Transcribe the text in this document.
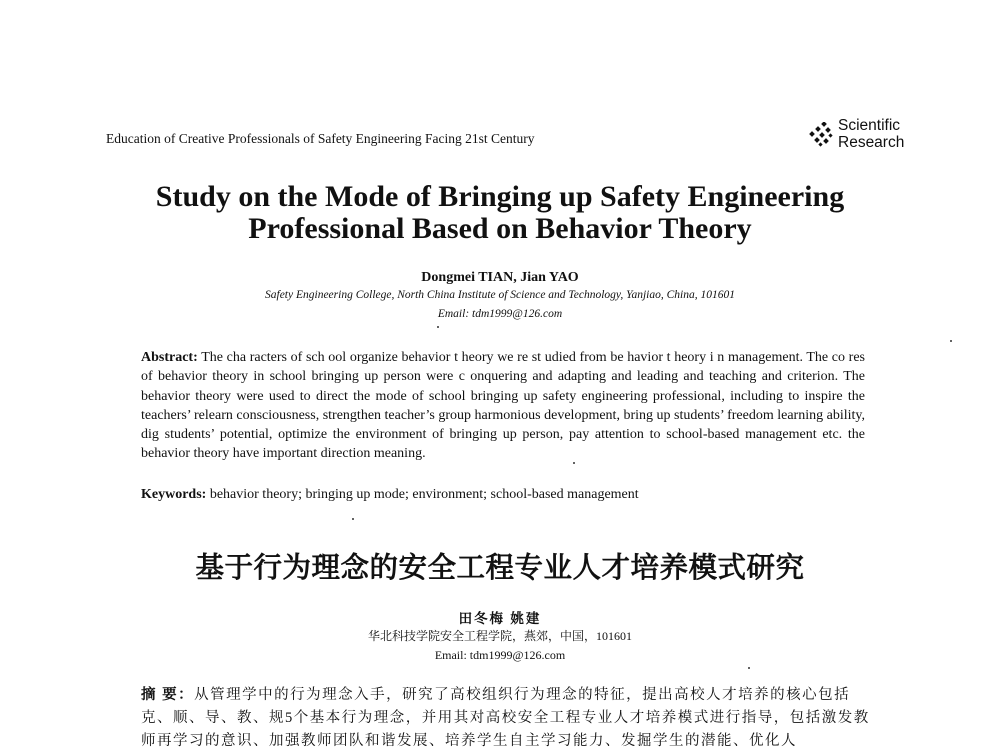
Education of Creative Professionals of Safety Engineering Facing 21st Century
Scientific
Research
Study on the Mode of Bringing up Safety Engineering
Professional Based on Behavior Theory
Dongmei TIAN, Jian YAO
Safety Engineering College, North China Institute of Science and Technology, Yanjiao, China, 101601
Email: tdm1999@126.com
Abstract: The cha racters of sch ool organize behavior t heory we re st udied from be havior t heory i n management. The co res of behavior theory in school bringing up person were c onquering and adapting and leading and teaching and criterion. The behavior theory were used to direct the mode of school bringing up safety engineering professional, including to inspire the teachers’ relearn consciousness, strengthen teacher’s group harmonious development, bring up students’ freedom learning ability, dig students’ potential, optimize the environment of bringing up person, pay attention to school-based management etc. the behavior theory have important direction meaning.
Keywords: behavior theory; bringing up mode; environment; school-based management
基于行为理念的安全工程专业人才培养模式研究
田冬梅 姚建
华北科技学院安全工程学院，燕郊，中国，101601
Email: tdm1999@126.com
摘 要：从管理学中的行为理念入手，研究了高校组织行为理念的特征，提出高校人才培养的核心包括克、顺、导、教、规5个基本行为理念，并用其对高校安全工程专业人才培养模式进行指导，包括激发教师再学习的意识、加强教师团队和谐发展、培养学生自主学习能力、发掘学生的潜能、优化人
